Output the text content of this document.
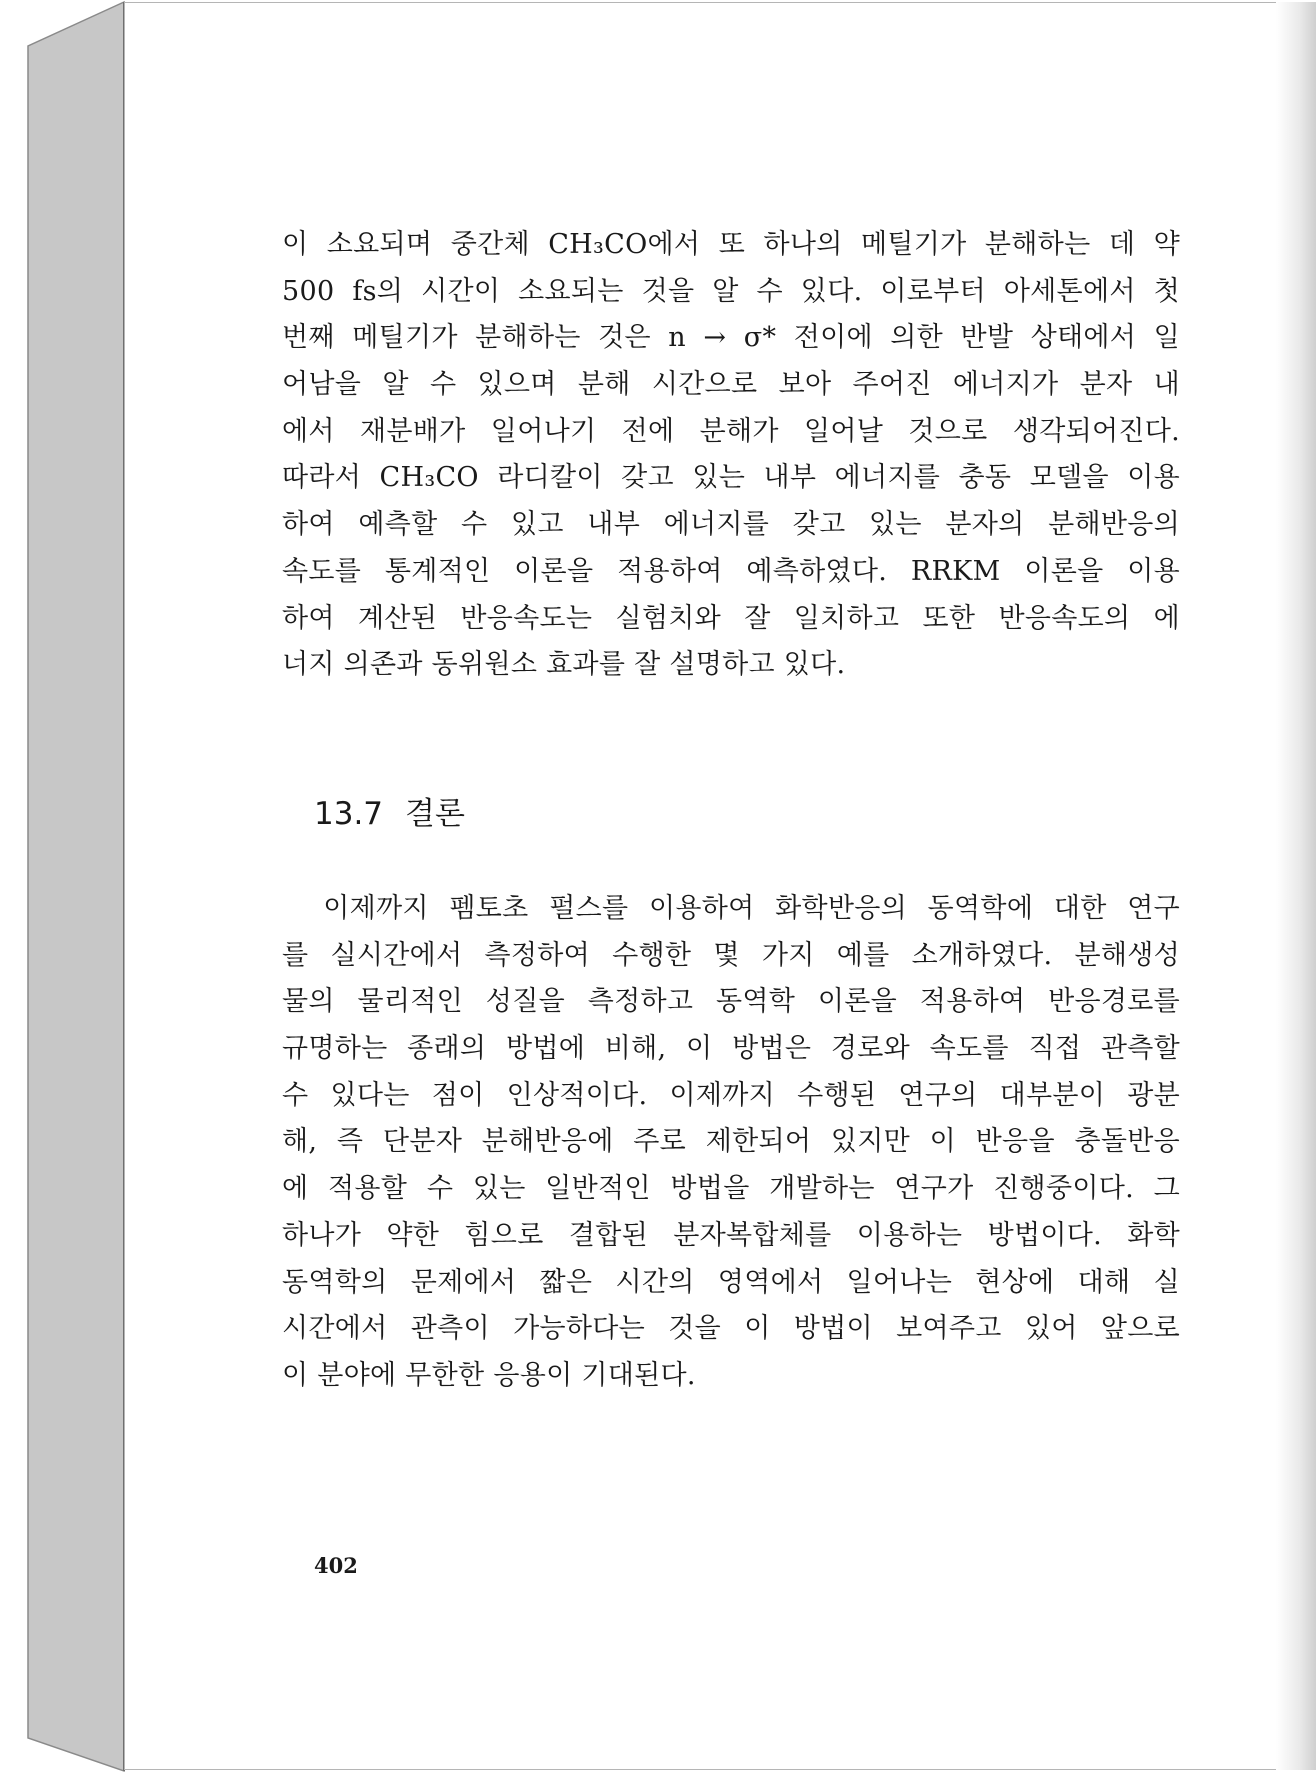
이 소요되며 중간체 CH₃CO에서 또 하나의 메틸기가 분해하는 데 약
500 fs의 시간이 소요되는 것을 알 수 있다. 이로부터 아세톤에서 첫
번째 메틸기가 분해하는 것은 n → σ* 전이에 의한 반발 상태에서 일
어남을 알 수 있으며 분해 시간으로 보아 주어진 에너지가 분자 내
에서 재분배가 일어나기 전에 분해가 일어날 것으로 생각되어진다.
따라서 CH₃CO 라디칼이 갖고 있는 내부 에너지를 충동 모델을 이용
하여 예측할 수 있고 내부 에너지를 갖고 있는 분자의 분해반응의
속도를 통계적인 이론을 적용하여 예측하였다. RRKM 이론을 이용
하여 계산된 반응속도는 실험치와 잘 일치하고 또한 반응속도의 에
너지 의존과 동위원소 효과를 잘 설명하고 있다.
13.7 결론
이제까지 펨토초 펄스를 이용하여 화학반응의 동역학에 대한 연구
를 실시간에서 측정하여 수행한 몇 가지 예를 소개하였다. 분해생성
물의 물리적인 성질을 측정하고 동역학 이론을 적용하여 반응경로를
규명하는 종래의 방법에 비해, 이 방법은 경로와 속도를 직접 관측할
수 있다는 점이 인상적이다. 이제까지 수행된 연구의 대부분이 광분
해, 즉 단분자 분해반응에 주로 제한되어 있지만 이 반응을 충돌반응
에 적용할 수 있는 일반적인 방법을 개발하는 연구가 진행중이다. 그
하나가 약한 힘으로 결합된 분자복합체를 이용하는 방법이다. 화학
동역학의 문제에서 짧은 시간의 영역에서 일어나는 현상에 대해 실
시간에서 관측이 가능하다는 것을 이 방법이 보여주고 있어 앞으로
이 분야에 무한한 응용이 기대된다.
402
